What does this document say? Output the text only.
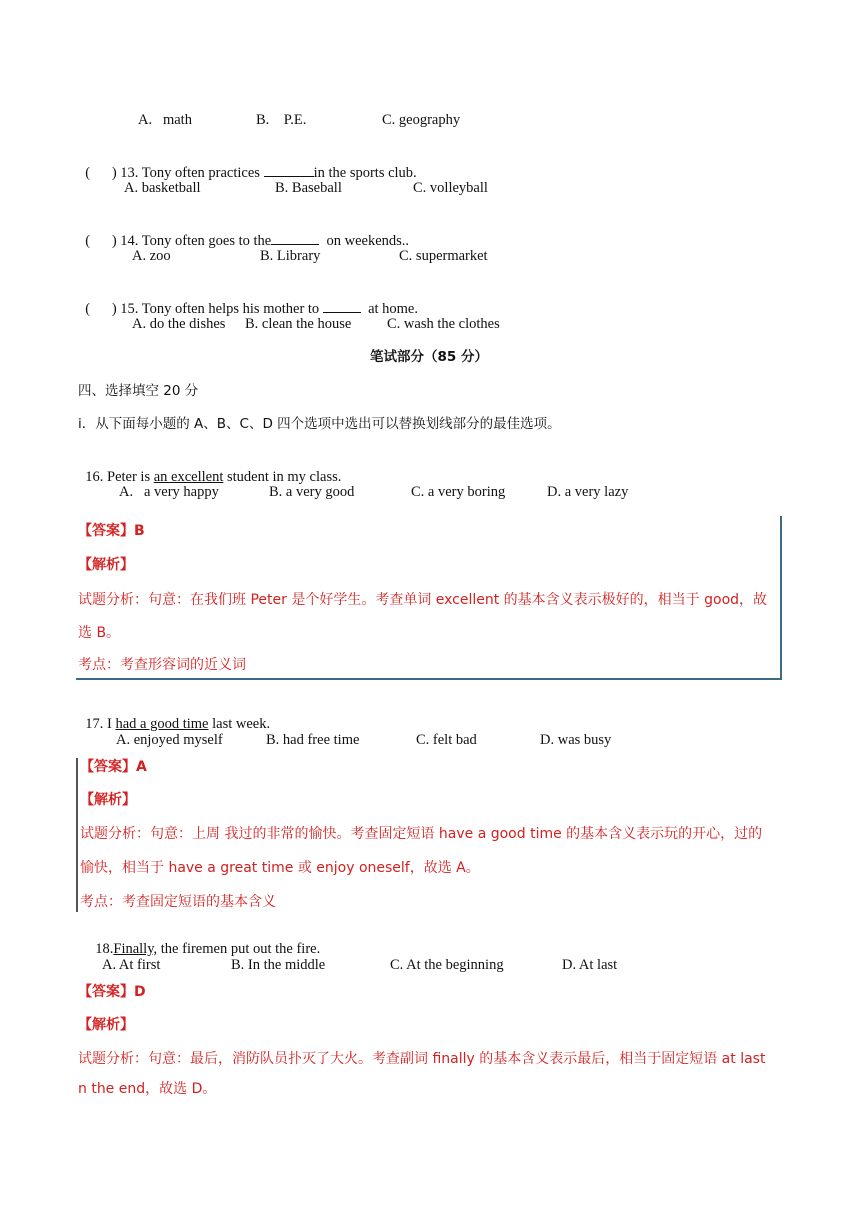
A.   math	B.    P.E.	C. geography

(      ) 13. Tony often practices	in the sports club.

A. basketball	B. Baseball	C. volleyball

(      ) 14. Tony often goes to the	on weekends..

A. zoo	B. Library	C. supermarket

(      ) 15. Tony often helps his mother to	at home.

A. do the dishes B. clean the house C. wash the clothes
笔试部分（85 分）
四、选择填空 20 分
i．从下面每小题的 A、B、C、D 四个选项中选出可以替换划线部分的最佳选项。

16. Peter is an excellent student in my class.

A.   a very happy	B. a very good	C. a very boring	D. a very lazy
【答案】B
【解析】
试题分析：句意：在我们班 Peter 是个好学生。考查单词 excellent 的基本含义表示极好的，相当于 good，故
选 B。
考点：考查形容词的近义词

17. I had a good time last week.

A. enjoyed myself	B. had free time	C. felt bad	D. was busy
【答案】A
【解析】
试题分析：句意：上周 我过的非常的愉快。考查固定短语 have a good time 的基本含义表示玩的开心，过的
愉快，相当于 have a great time 或 enjoy oneself，故选 A。
考点：考查固定短语的基本含义

18.Finally, the firemen put out the fire.

A. At first	B. In the middle	C. At the beginning	D. At last
【答案】D
【解析】
试题分析：句意：最后，消防队员扑灭了大火。考查副词 finally 的基本含义表示最后，相当于固定短语 at last
n the end，故选 D。
